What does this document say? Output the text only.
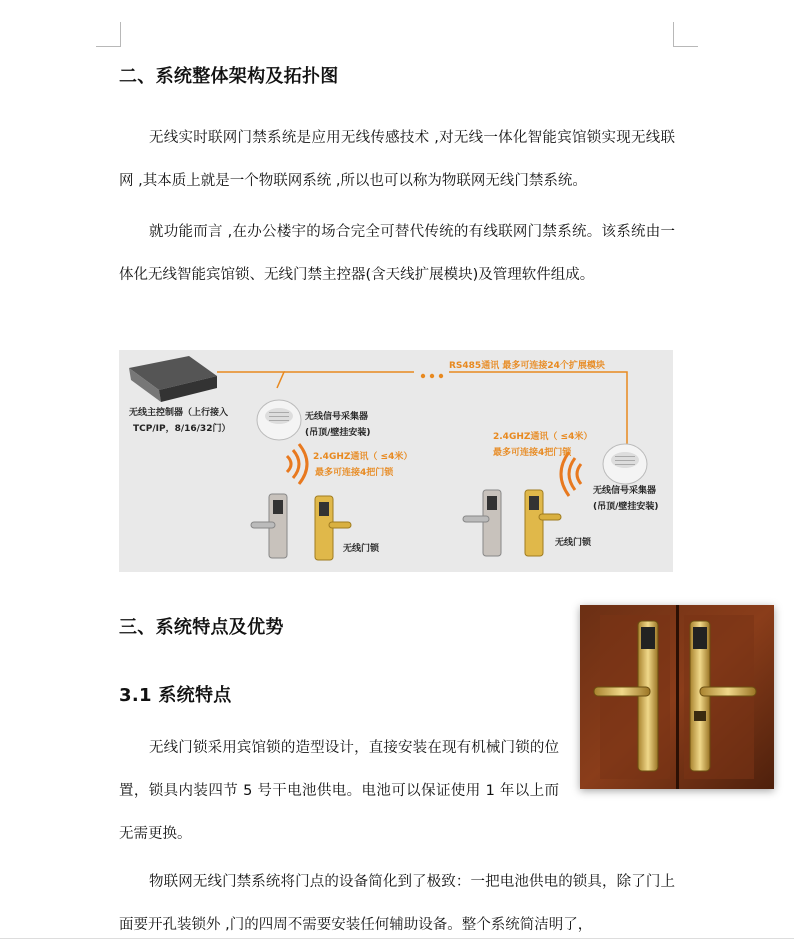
二、系统整体架构及拓扑图
无线实时联网门禁系统是应用无线传感技术 ,对无线一体化智能宾馆锁实现无线联网 ,其本质上就是一个物联网系统 ,所以也可以称为物联网无线门禁系统。
就功能而言 ,在办公楼宇的场合完全可替代传统的有线联网门禁系统。该系统由一体化无线智能宾馆锁、无线门禁主控器(含天线扩展模块)及管理软件组成。
无线主控制器（上行接入
TCP/IP，8/16/32门）
无线信号采集器
(吊顶/壁挂安装)
2.4GHZ通讯（ ≤4米）
最多可连接4把门锁
RS485通讯 最多可连接24个扩展模块
2.4GHZ通讯（ ≤4米）
最多可连接4把门锁
无线信号采集器
(吊顶/壁挂安装)
无线门锁
无线门锁
三、系统特点及优势
3.1 系统特点
无线门锁采用宾馆锁的造型设计，直接安装在现有机械门锁的位置，锁具内装四节 5 号干电池供电。电池可以保证使用 1 年以上而无需更换。
物联网无线门禁系统将门点的设备简化到了极致：一把电池供电的锁具，除了门上面要开孔装锁外 ,门的四周不需要安装任何辅助设备。整个系统简洁明了，
